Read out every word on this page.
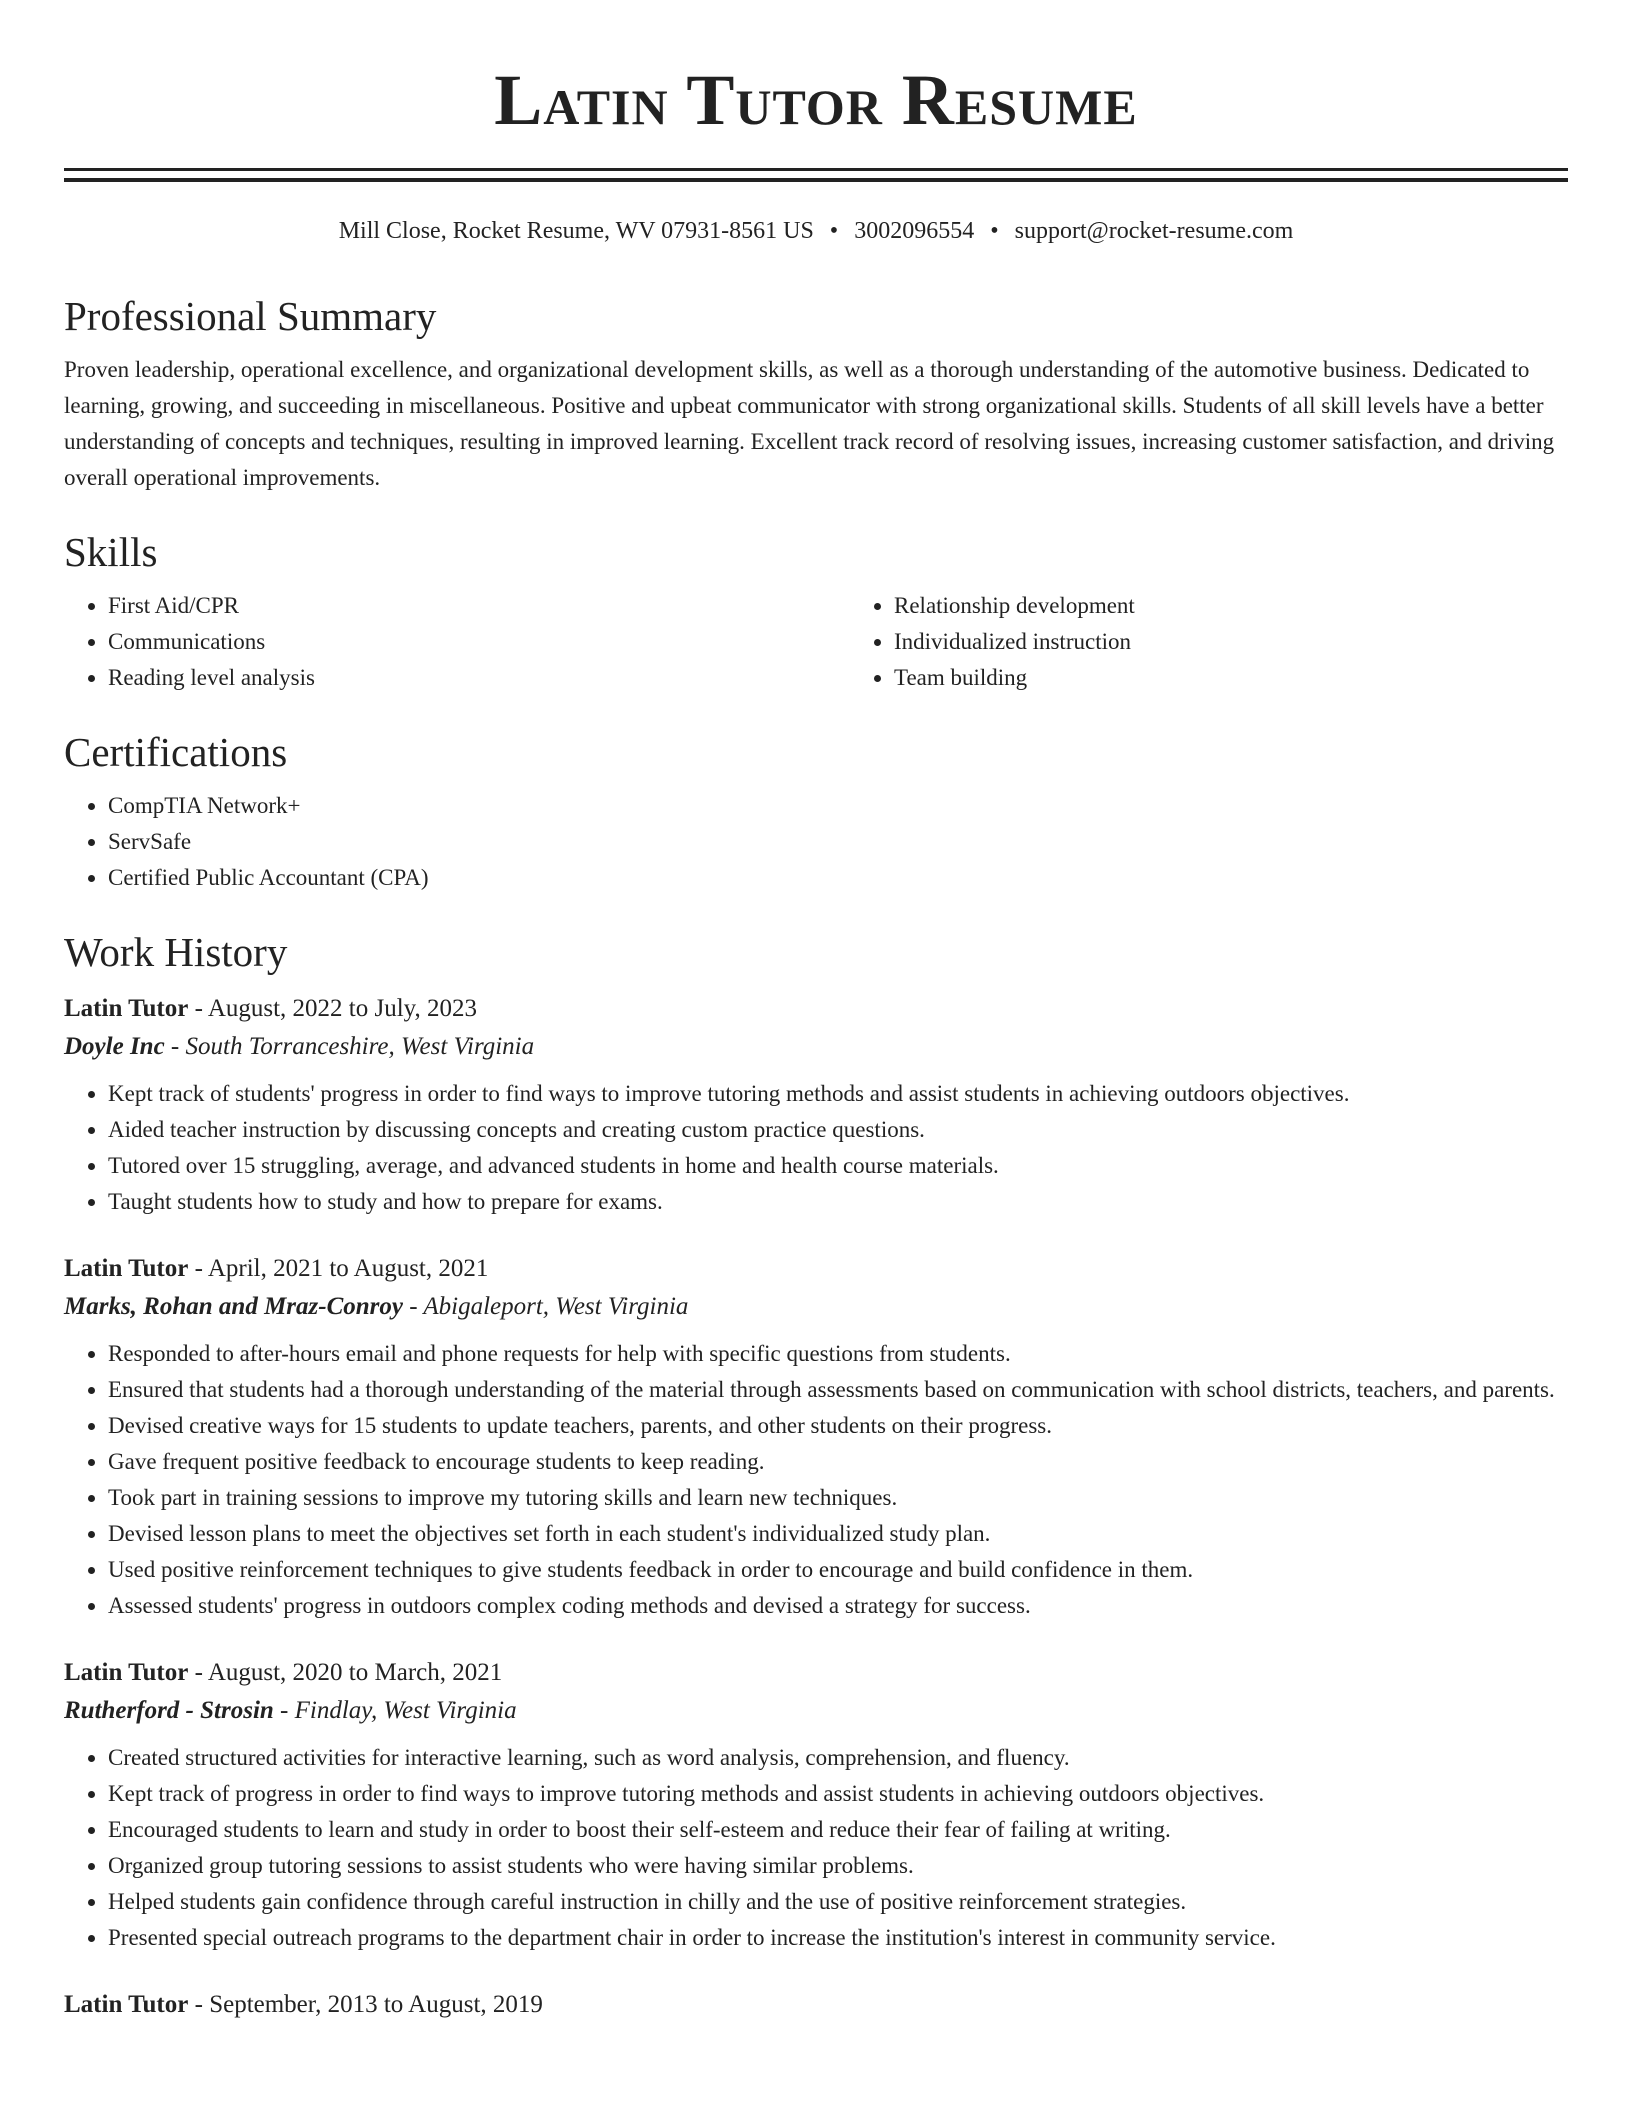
Latin Tutor Resume
Mill Close, Rocket Resume, WV 07931-8561 US • 3002096554 • support@rocket-resume.com
Professional Summary

Proven leadership, operational excellence, and organizational development skills, as well as a thorough understanding of the automotive business. Dedicated to learning, growing, and succeeding in miscellaneous. Positive and upbeat communicator with strong organizational skills. Students of all skill levels have a better understanding of concepts and techniques, resulting in improved learning. Excellent track record of resolving issues, increasing customer satisfaction, and driving overall operational improvements.

Skills
• First Aid/CPR
• Communications
• Reading level analysis
• Relationship development
• Individualized instruction
• Team building
Certifications
• CompTIA Network+
• ServSafe
• Certified Public Accountant (CPA)
Work History
Latin Tutor - August, 2022 to July, 2023
Doyle Inc - South Torranceshire, West Virginia
• Kept track of students' progress in order to find ways to improve tutoring methods and assist students in achieving outdoors objectives.
• Aided teacher instruction by discussing concepts and creating custom practice questions.
• Tutored over 15 struggling, average, and advanced students in home and health course materials.
• Taught students how to study and how to prepare for exams.
Latin Tutor - April, 2021 to August, 2021
Marks, Rohan and Mraz-Conroy - Abigaleport, West Virginia
• Responded to after-hours email and phone requests for help with specific questions from students.
• Ensured that students had a thorough understanding of the material through assessments based on communication with school districts, teachers, and parents.
• Devised creative ways for 15 students to update teachers, parents, and other students on their progress.
• Gave frequent positive feedback to encourage students to keep reading.
• Took part in training sessions to improve my tutoring skills and learn new techniques.
• Devised lesson plans to meet the objectives set forth in each student's individualized study plan.
• Used positive reinforcement techniques to give students feedback in order to encourage and build confidence in them.
• Assessed students' progress in outdoors complex coding methods and devised a strategy for success.
Latin Tutor - August, 2020 to March, 2021
Rutherford - Strosin - Findlay, West Virginia
• Created structured activities for interactive learning, such as word analysis, comprehension, and fluency.
• Kept track of progress in order to find ways to improve tutoring methods and assist students in achieving outdoors objectives.
• Encouraged students to learn and study in order to boost their self-esteem and reduce their fear of failing at writing.
• Organized group tutoring sessions to assist students who were having similar problems.
• Helped students gain confidence through careful instruction in chilly and the use of positive reinforcement strategies.
• Presented special outreach programs to the department chair in order to increase the institution's interest in community service.
Latin Tutor - September, 2013 to August, 2019
